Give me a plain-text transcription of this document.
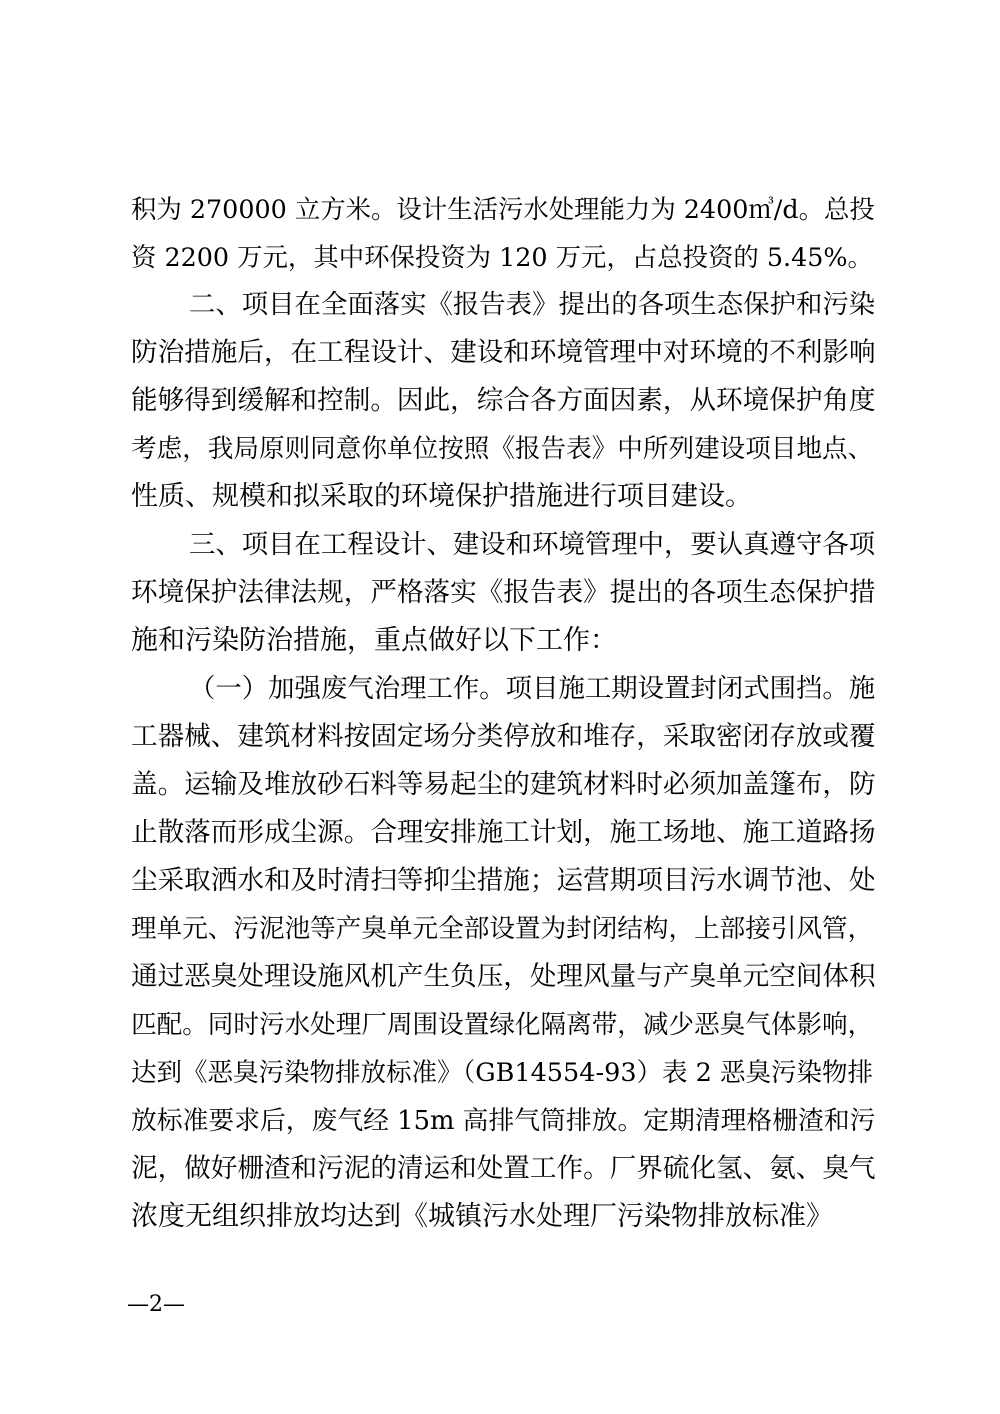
积为 270000 立方米。设计生活污水处理能力为 2400㎥/d。总投
资 2200 万元，其中环保投资为 120 万元，占总投资的 5.45%。
二、项目在全面落实《报告表》提出的各项生态保护和污染
防治措施后，在工程设计、建设和环境管理中对环境的不利影响
能够得到缓解和控制。因此，综合各方面因素，从环境保护角度
考虑，我局原则同意你单位按照《报告表》中所列建设项目地点、
性质、规模和拟采取的环境保护措施进行项目建设。
三、项目在工程设计、建设和环境管理中，要认真遵守各项
环境保护法律法规，严格落实《报告表》提出的各项生态保护措
施和污染防治措施，重点做好以下工作：
（一）加强废气治理工作。项目施工期设置封闭式围挡。施
工器械、建筑材料按固定场分类停放和堆存，采取密闭存放或覆
盖。运输及堆放砂石料等易起尘的建筑材料时必须加盖篷布，防
止散落而形成尘源。合理安排施工计划，施工场地、施工道路扬
尘采取洒水和及时清扫等抑尘措施；运营期项目污水调节池、处
理单元、污泥池等产臭单元全部设置为封闭结构，上部接引风管，
通过恶臭处理设施风机产生负压，处理风量与产臭单元空间体积
匹配。同时污水处理厂周围设置绿化隔离带，减少恶臭气体影响，
达到《恶臭污染物排放标准》（GB14554-93）表 2 恶臭污染物排
放标准要求后，废气经 15m 高排气筒排放。定期清理格栅渣和污
泥，做好栅渣和污泥的清运和处置工作。厂界硫化氢、氨、臭气
浓度无组织排放均达到《城镇污水处理厂污染物排放标准》
—2—
